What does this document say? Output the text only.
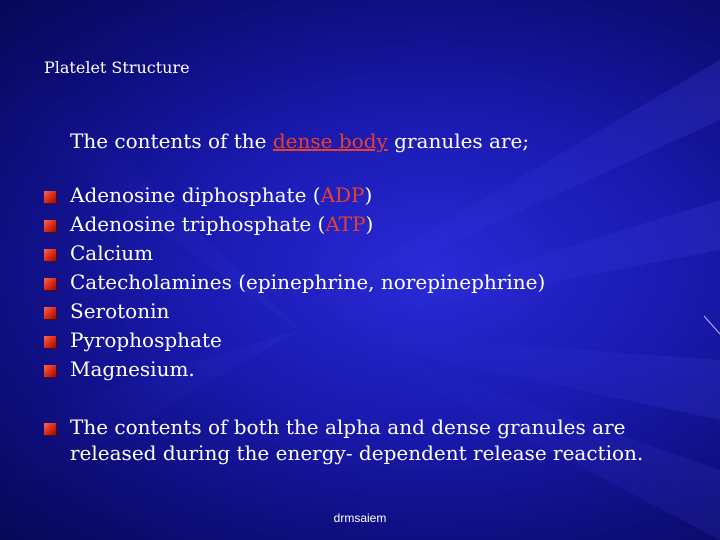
Platelet Structure
The contents of the dense body granules are;
Adenosine diphosphate (ADP)
Adenosine triphosphate (ATP)
Calcium
Catecholamines (epinephrine, norepinephrine)
Serotonin
Pyrophosphate
Magnesium.
The contents of both the alpha and dense granules are released during the energy- dependent release reaction.
drmsaiem
